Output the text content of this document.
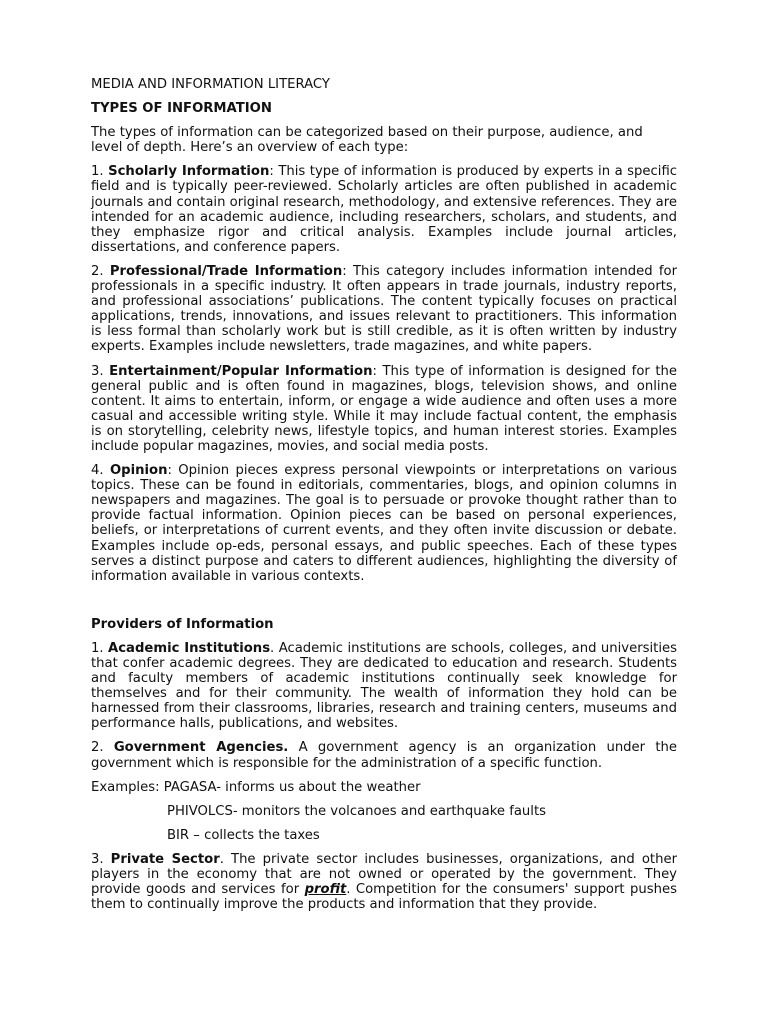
MEDIA AND INFORMATION LITERACY

TYPES OF INFORMATION

The types of information can be categorized based on their purpose, audience, and level of depth. Here’s an overview of each type:

1. Scholarly Information: This type of information is produced by experts in a specific field and is typically peer-reviewed. Scholarly articles are often published in academic journals and contain original research, methodology, and extensive references. They are intended for an academic audience, including researchers, scholars, and students, and they emphasize rigor and critical analysis. Examples include journal articles, dissertations, and conference papers.

2. Professional/Trade Information: This category includes information intended for professionals in a specific industry. It often appears in trade journals, industry reports, and professional associations’ publications. The content typically focuses on practical applications, trends, innovations, and issues relevant to practitioners. This information is less formal than scholarly work but is still credible, as it is often written by industry experts. Examples include newsletters, trade magazines, and white papers.

3. Entertainment/Popular Information: This type of information is designed for the general public and is often found in magazines, blogs, television shows, and online content. It aims to entertain, inform, or engage a wide audience and often uses a more casual and accessible writing style. While it may include factual content, the emphasis is on storytelling, celebrity news, lifestyle topics, and human interest stories. Examples include popular magazines, movies, and social media posts.

4. Opinion: Opinion pieces express personal viewpoints or interpretations on various topics. These can be found in editorials, commentaries, blogs, and opinion columns in newspapers and magazines. The goal is to persuade or provoke thought rather than to provide factual information. Opinion pieces can be based on personal experiences, beliefs, or interpretations of current events, and they often invite discussion or debate. Examples include op-eds, personal essays, and public speeches. Each of these types serves a distinct purpose and caters to different audiences, highlighting the diversity of information available in various contexts.

Providers of Information

1. Academic Institutions. Academic institutions are schools, colleges, and universities that confer academic degrees. They are dedicated to education and research. Students and faculty members of academic institutions continually seek knowledge for themselves and for their community. The wealth of information they hold can be harnessed from their classrooms, libraries, research and training centers, museums and performance halls, publications, and websites.

2. Government Agencies. A government agency is an organization under the government which is responsible for the administration of a specific function.

Examples: PAGASA- informs us about the weather

PHIVOLCS- monitors the volcanoes and earthquake faults

BIR – collects the taxes

3. Private Sector. The private sector includes businesses, organizations, and other players in the economy that are not owned or operated by the government. They provide goods and services for profit. Competition for the consumers' support pushes them to continually improve the products and information that they provide.
